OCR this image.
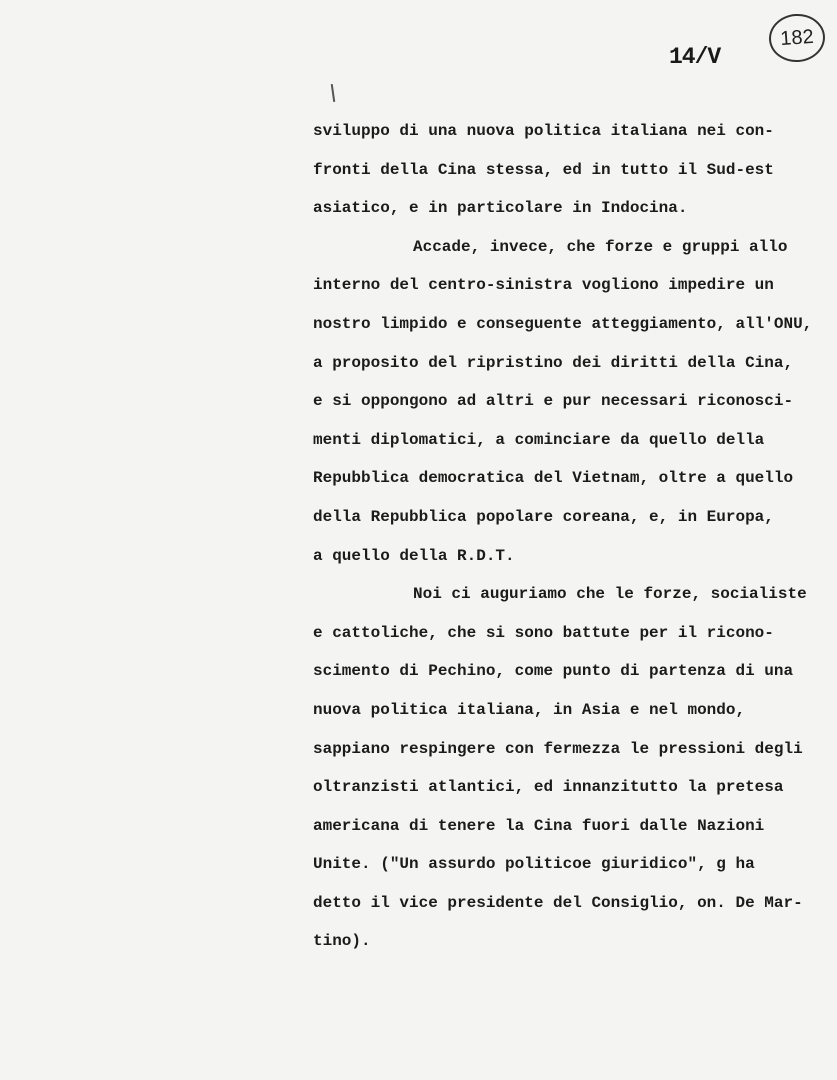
14/V
182
sviluppo di una nuova politica italiana nei con-
fronti della Cina stessa, ed in tutto il Sud-est
asiatico, e in particolare in Indocina.
Accade, invece, che forze e gruppi allo
interno del centro-sinistra vogliono impedire un
nostro limpido e conseguente atteggiamento, all'ONU,
a proposito del ripristino dei diritti della Cina,
e si oppongono ad altri e pur necessari riconosci-
menti diplomatici, a cominciare da quello della
Repubblica democratica del Vietnam, oltre a quello
della Repubblica popolare coreana, e, in Europa,
a quello della R.D.T.
Noi ci auguriamo che le forze, socialiste
e cattoliche, che si sono battute per il ricono-
scimento di Pechino, come punto di partenza di una
nuova politica italiana, in Asia e nel mondo,
sappiano respingere con fermezza le pressioni degli
oltranzisti atlantici, ed innanzitutto la pretesa
americana di tenere la Cina fuori dalle Nazioni
Unite. ("Un assurdo politicoe giuridico", g ha
detto il vice presidente del Consiglio, on. De Mar-
tino).
